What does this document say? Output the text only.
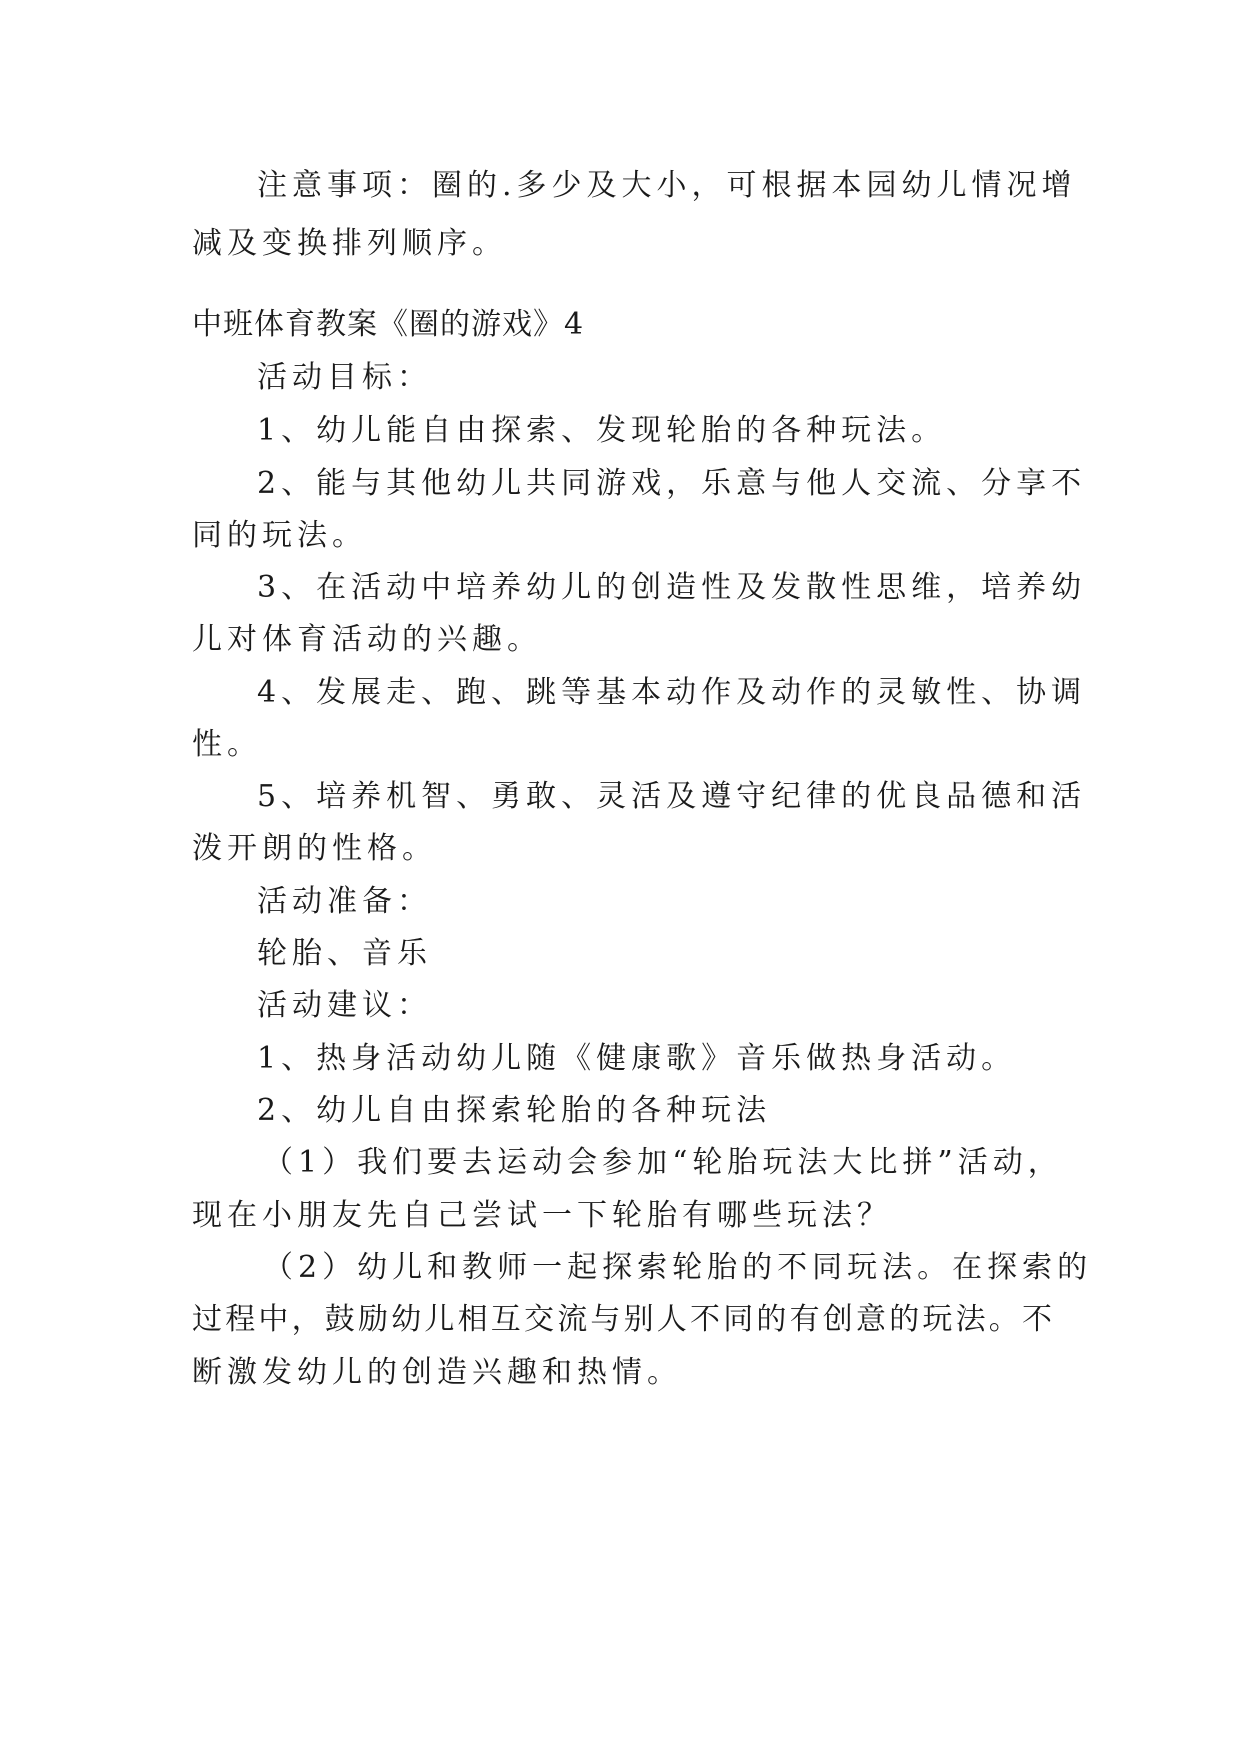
注意事项：圈的.多少及大小，可根据本园幼儿情况增
减及变换排列顺序。
中班体育教案《圈的游戏》4
活动目标：
1、幼儿能自由探索、发现轮胎的各种玩法。
2、能与其他幼儿共同游戏，乐意与他人交流、分享不
同的玩法。
3、在活动中培养幼儿的创造性及发散性思维，培养幼
儿对体育活动的兴趣。
4、发展走、跑、跳等基本动作及动作的灵敏性、协调
性。
5、培养机智、勇敢、灵活及遵守纪律的优良品德和活
泼开朗的性格。
活动准备：
轮胎、音乐
活动建议：
1、热身活动幼儿随《健康歌》音乐做热身活动。
2、幼儿自由探索轮胎的各种玩法
（1）我们要去运动会参加“轮胎玩法大比拼”活动，
现在小朋友先自己尝试一下轮胎有哪些玩法？
（2）幼儿和教师一起探索轮胎的不同玩法。在探索的
过程中，鼓励幼儿相互交流与别人不同的有创意的玩法。不
断激发幼儿的创造兴趣和热情。
